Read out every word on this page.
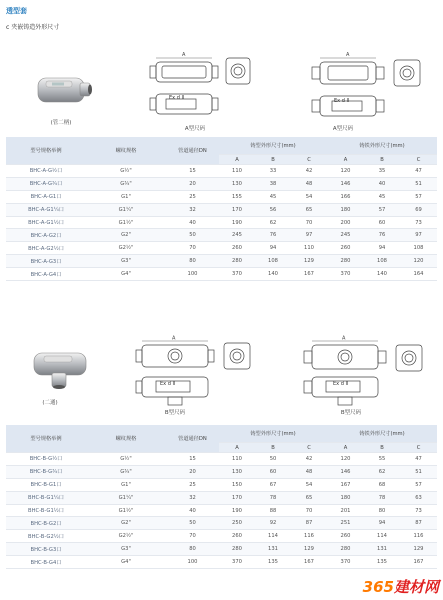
透型套
c 夹嵌铸造外形尺寸
(管二柄)
A
Ex d II
A型尺码
A
Ex d II
A型尺码
型号规格举例	螺纹规格	管道通径DN	铸型外形尺寸(mm)			铸铁外形尺寸(mm)		
			A	B	C	A	B	C
BHC-A-G½口	G½"	15	110	33	42	120	35	47
BHC-A-G¾口	G¾"	20	130	38	48	146	40	51
BHC-A-G1口	G1"	25	155	45	54	166	45	57
BHC-A-G1¼口	G1¼"	32	170	56	65	180	57	69
BHC-A-G1½口	G1½"	40	190	62	70	200	60	73
BHC-A-G2口	G2"	50	245	76	97	245	76	97
BHC-A-G2½口	G2½"	70	260	94	110	260	94	108
BHC-A-G3口	G3"	80	280	108	129	280	108	120
BHC-A-G4口	G4"	100	370	140	167	370	140	164
(二通)
A
Ex d II
B型尺码
A
Ex d II
B型尺码
型号规格举例	螺纹规格	管道通径DN	铸型外形尺寸(mm)			铸铁外形尺寸(mm)		
			A	B	C	A	B	C
BHC-B-G½口	G½"	15	110	50	42	120	55	47
BHC-B-G¾口	G¾"	20	130	60	48	146	62	51
BHC-B-G1口	G1"	25	150	67	54	167	68	57
BHC-B-G1¼口	G1¼"	32	170	78	65	180	78	63
BHC-B-G1½口	G1½"	40	190	88	70	201	80	73
BHC-B-G2口	G2"	50	250	92	87	251	94	87
BHC-B-G2½口	G2½"	70	260	114	116	260	114	116
BHC-B-G3口	G3"	80	280	131	129	280	131	129
BHC-B-G4口	G4"	100	370	135	167	370	135	167
365建材网
